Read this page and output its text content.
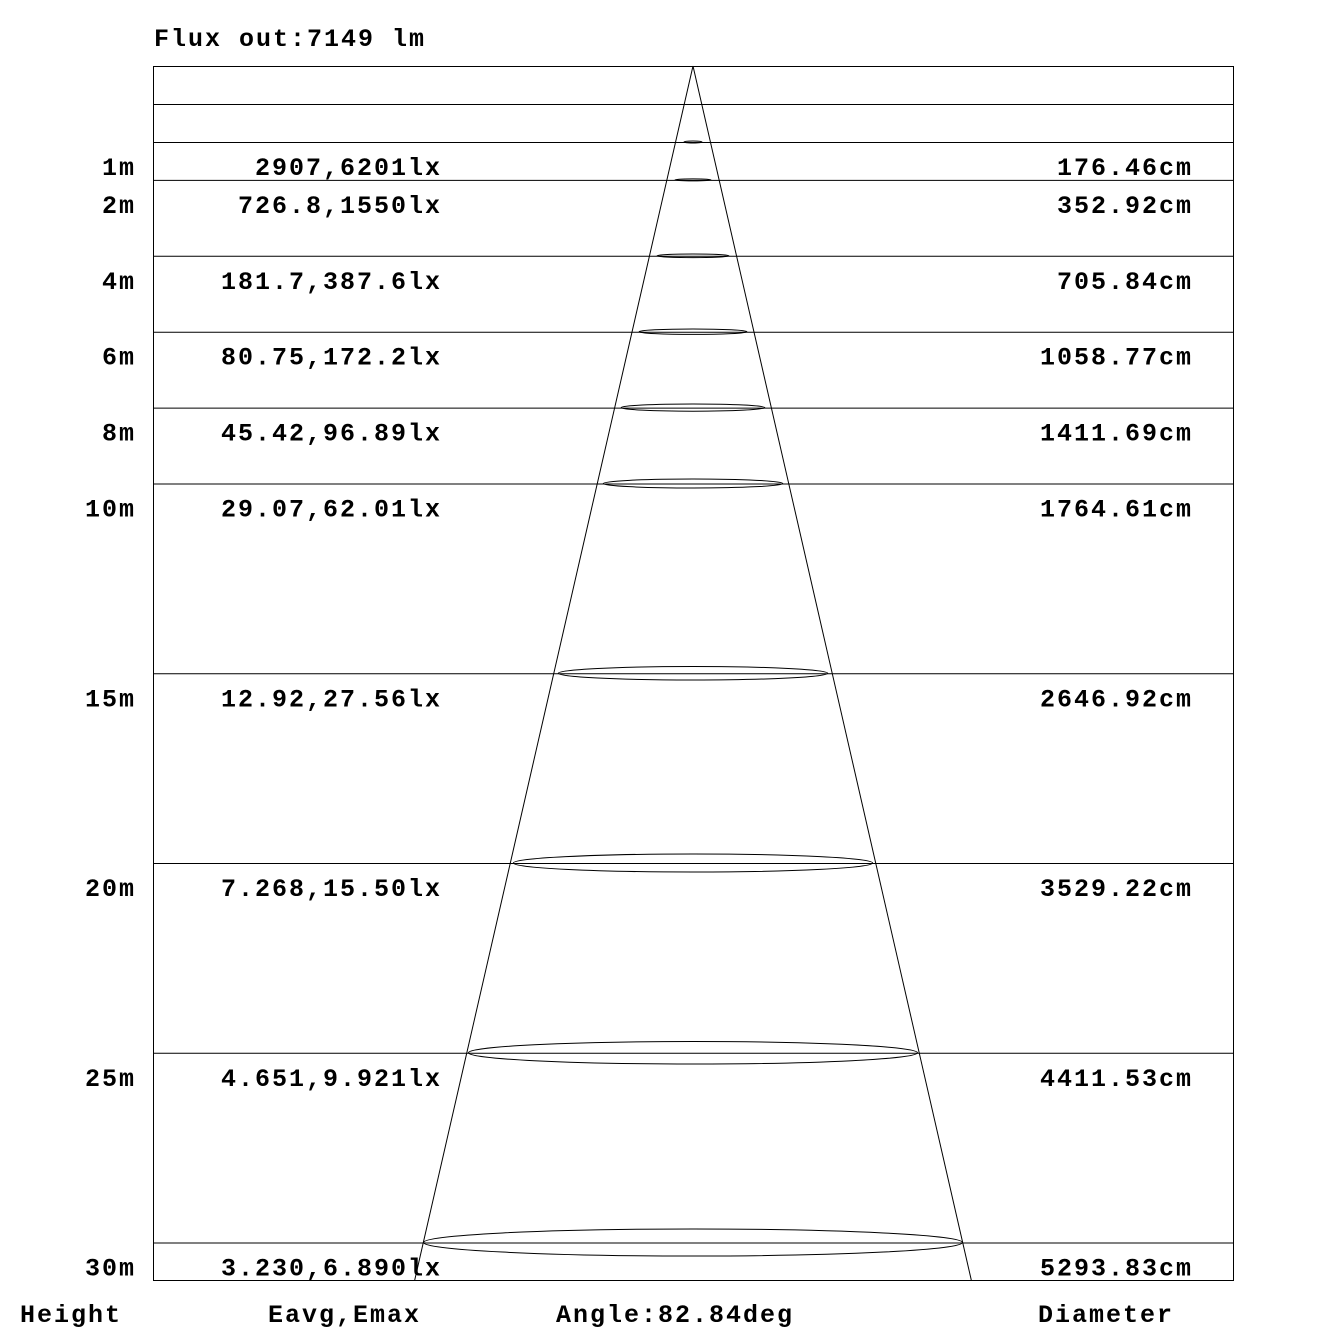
Flux out:7149 lm
1m	2907,6201lx	176.46cm
2m	726.8,1550lx	352.92cm
4m	181.7,387.6lx	705.84cm
6m	80.75,172.2lx	1058.77cm
8m	45.42,96.89lx	1411.69cm
10m	29.07,62.01lx	1764.61cm
15m	12.92,27.56lx	2646.92cm
20m	7.268,15.50lx	3529.22cm
25m	4.651,9.921lx	4411.53cm
30m	3.230,6.890lx	5293.83cm
Height	Eavg,Emax	Angle:82.84deg	Diameter
